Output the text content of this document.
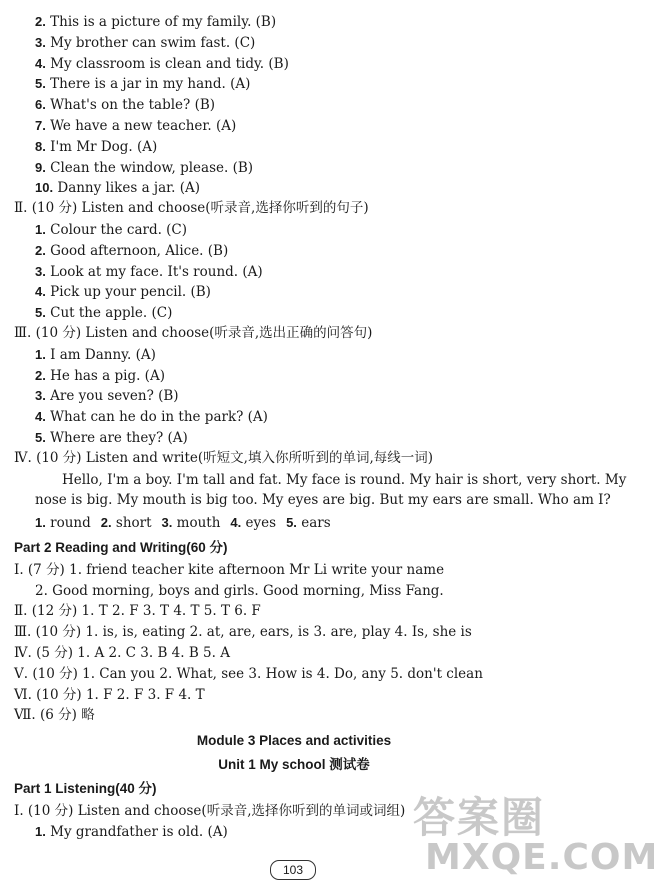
2. This is a picture of my family. (B)
3. My brother can swim fast. (C)
4. My classroom is clean and tidy. (B)
5. There is a jar in my hand. (A)
6. What's on the table? (B)
7. We have a new teacher. (A)
8. I'm Mr Dog. (A)
9. Clean the window, please. (B)
10. Danny likes a jar. (A)
Ⅱ. (10 分) Listen and choose(听录音,选择你听到的句子)
1. Colour the card. (C)
2. Good afternoon, Alice. (B)
3. Look at my face. It's round. (A)
4. Pick up your pencil. (B)
5. Cut the apple. (C)
Ⅲ. (10 分) Listen and choose(听录音,选出正确的问答句)
1. I am Danny. (A)
2. He has a pig. (A)
3. Are you seven? (B)
4. What can he do in the park? (A)
5. Where are they? (A)
Ⅳ. (10 分) Listen and write(听短文,填入你所听到的单词,每线一词)
Hello, I'm a boy. I'm tall and fat. My face is round. My hair is short, very short. My
nose is big. My mouth is big too. My eyes are big. But my ears are small. Who am I?
1. round 2. short 3. mouth 4. eyes 5. ears
Part 2 Reading and Writing(60 分)
Ⅰ. (7 分) 1. friend teacher kite afternoon Mr Li write your name
2. Good morning, boys and girls. Good morning, Miss Fang.
Ⅱ. (12 分) 1. T 2. F 3. T 4. T 5. T 6. F
Ⅲ. (10 分) 1. is, is, eating 2. at, are, ears, is 3. are, play 4. Is, she is
Ⅳ. (5 分) 1. A 2. C 3. B 4. B 5. A
Ⅴ. (10 分) 1. Can you 2. What, see 3. How is 4. Do, any 5. don't clean
Ⅵ. (10 分) 1. F 2. F 3. F 4. T
Ⅶ. (6 分) 略
Module 3 Places and activities
Unit 1 My school 测试卷
Part 1 Listening(40 分)
Ⅰ. (10 分) Listen and choose(听录音,选择你听到的单词或词组)
1. My grandfather is old. (A)	答案圈
MXQE.COM
103
